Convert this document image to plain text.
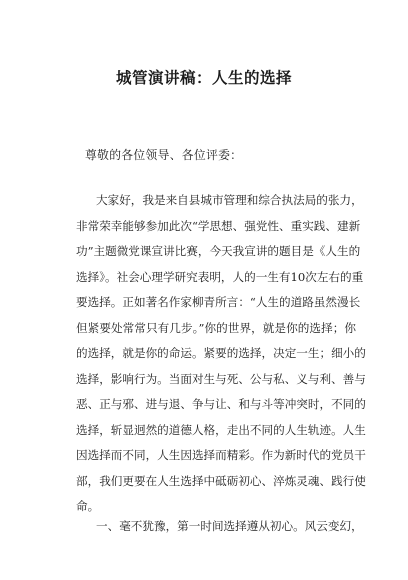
城管演讲稿：人生的选择

尊敬的各位领导、各位评委：

大家好，我是来自县城市管理和综合执法局的张力，
非常荣幸能够参加此次“学思想、强党性、重实践、建新
功”主题微党课宣讲比赛，今天我宣讲的题目是《人生的
选择》。社会心理学研究表明，人的一生有10次左右的重
要选择。正如著名作家柳青所言：“人生的道路虽然漫长
但紧要处常常只有几步。”你的世界，就是你的选择；你
的选择，就是你的命运。紧要的选择，决定一生；细小的
选择，影响行为。当面对生与死、公与私、义与利、善与
恶、正与邪、进与退、争与让、和与斗等冲突时，不同的
选择，斩显迥然的道德人格，走出不同的人生轨迹。人生
因选择而不同，人生因选择而精彩。作为新时代的党员干
部，我们更要在人生选择中砥砺初心、淬炼灵魂、践行使
命。
一、毫不犹豫，第一时间选择遵从初心。风云变幻，
